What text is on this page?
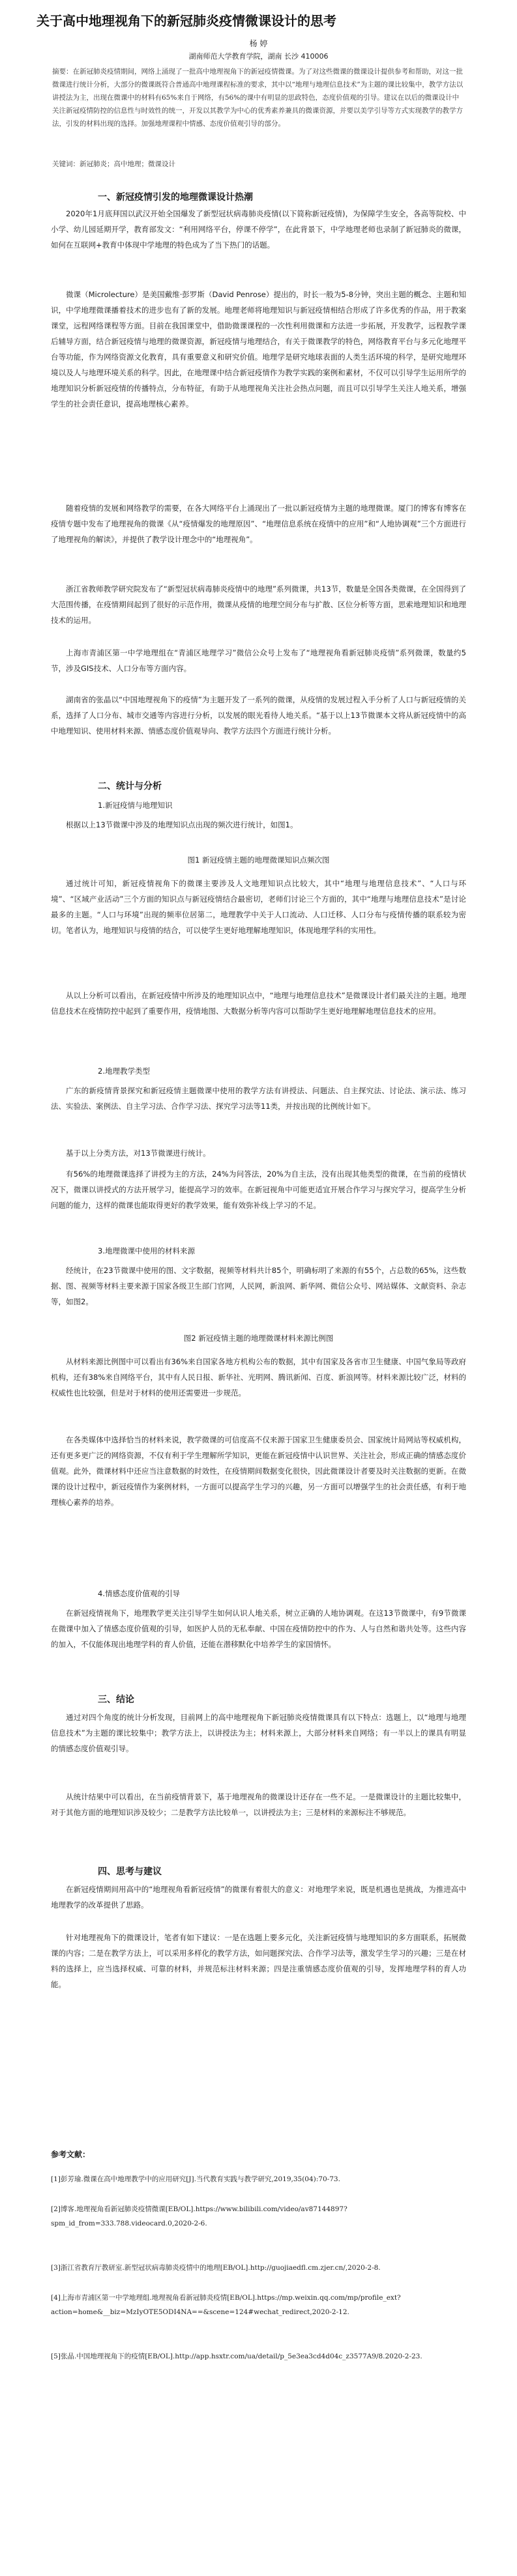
关于高中地理视角下的新冠肺炎疫情微课设计的思考
杨 婷
湖南师范大学教育学院，湖南 长沙 410006
摘要：在新冠肺炎疫情期间，网络上涌现了一批高中地理视角下的新冠疫情微课。为了对这些微课的微课设计提供参考和帮助，对这一批微课进行统计分析，大部分的微课既符合普通高中地理课程标准的要求，其中以“地理与地理信息技术”为主题的课比较集中，教学方法以讲授法为主，出现在微课中的材料有65%来自于网络，有56%的课中有明显的思政特色，态度价值观的引导。建议在以后的微课设计中关注新冠疫情防控的信息性与时效性的统一，开发以其教学为中心的优秀素养兼具的微课资源，并要以美学引导等方式实现教学的教学方法，引发的材料出现的选择。加强地理课程中情感、态度价值观引导的部分。
关键词：新冠肺炎；高中地理；微课设计
一、新冠疫情引发的地理微课设计热潮
2020年1月底拜国以武汉开始全国爆发了新型冠状病毒肺炎疫情(以下简称新冠疫情)，为保障学生安全，各高等院校、中小学、幼儿园延期开学，教育部发文：“利用网络平台，停课不停学”，在此背景下，中学地理老师也录制了新冠肺炎的微课，如何在互联网+教育中体现中学地理的特色成为了当下热门的话题。
微课（Microlecture）是美国戴维·彭罗斯（David Penrose）提出的，时长一般为5-8分钟，突出主题的概念、主题和知识，中学地理微课播着技术的进步也有了新的发展。地理老师将地理知识与新冠疫情相结合形成了许多优秀的作品，用于教案课堂，远程网络课程等方面。目前在我国课堂中，借助微课课程的一次性利用微课和方法进一步拓展，开发教学，远程教学课后辅导方面，结合新冠疫情与地理的微课资源，新冠疫情与地理结合，有关于微课教学的特色，网络教育平台与多元化地理平台等功能，作为网络资源文化教育，具有重要意义和研究价值。地理学是研究地球表面的人类生活环境的科学，是研究地理环境以及人与地理环境关系的科学。因此，在地理课中结合新冠疫情作为教学实践的案例和素材，不仅可以引导学生运用所学的地理知识分析新冠疫情的传播特点，分布特征，有助于从地理视角关注社会热点问题，而且可以引导学生关注人地关系，增强学生的社会责任意识，提高地理核心素养。
随着疫情的发展和网络教学的需要，在各大网络平台上涌现出了一批以新冠疫情为主题的地理微课。厦门的博客有博客在疫情专题中发布了地理视角的微课《从“疫情爆发的地理原因”、“地理信息系统在疫情中的应用”和“人地协调观”三个方面进行了地理视角的解读》，并提供了教学设计理念中的“地理视角”。
浙江省教师教学研究院发布了“新型冠状病毒肺炎疫情中的地理”系列微课，共13节，数量是全国各类微课，在全国得到了大范围传播，在疫情期间起到了很好的示范作用，微课从疫情的地理空间分布与扩散、区位分析等方面，思索地理知识和地理技术的运用。
上海市青浦区第一中学地理组在“青浦区地理学习”微信公众号上发布了“地理视角看新冠肺炎疫情”系列微课，数量约5节，涉及GIS技术、人口分布等方面内容。
湖南省的张晶以“中国地理视角下的疫情”为主题开发了一系列的微课，从疫情的发展过程入手分析了人口与新冠疫情的关系，选择了人口分布、城市交通等内容进行分析，以发展的眼光看待人地关系。“基于以上13节微课本文将从新冠疫情中的高中地理知识、使用材料来源、情感态度价值观导向、教学方法四个方面进行统计分析。
二、统计与分析
1.新冠疫情与地理知识
根据以上13节微课中涉及的地理知识点出现的频次进行统计，如图1。
图1 新冠疫情主题的地理微课知识点频次图
通过统计可知，新冠疫情视角下的微课主要涉及人文地理知识点比较大，其中“地理与地理信息技术”、“人口与环境”、“区域产业活动”三个方面的知识点与新冠疫情结合最密切，老师们讨论三个方面的，其中“地理与地理信息技术”是讨论最多的主题。“人口与环境”出现的频率位居第二，地理教学中关于人口流动、人口迁移、人口分布与疫情传播的联系较为密切。笔者认为，地理知识与疫情的结合，可以使学生更好地理解地理知识，体现地理学科的实用性。
从以上分析可以看出，在新冠疫情中所涉及的地理知识点中，“地理与地理信息技术”是微课设计者们最关注的主题。地理信息技术在疫情防控中起到了重要作用，疫情地图、大数据分析等内容可以帮助学生更好地理解地理信息技术的应用。
2.地理教学类型
广东的新疫情背景探究和新冠疫情主题微课中使用的教学方法有讲授法、问题法、自主探究法、讨论法、演示法、练习法、实验法、案例法、自主学习法、合作学习法、探究学习法等11类，并按出现的比例统计如下。
基于以上分类方法，对13节微课进行统计。
有56%的地理微课选择了讲授为主的方法，24%为问答法，20%为自主法，没有出现其他类型的微课，在当前的疫情状况下，微课以讲授式的方法开展学习，能提高学习的效率。在新冠视角中可能更适宜开展合作学习与探究学习，提高学生分析问题的能力，这样的微课也能取得更好的教学效果，能有效弥补线上学习的不足。
3.地理微课中使用的材料来源
经统计，在23节微课中使用的图、文字数据，视频等材料共计85个，明确标明了来源的有55个，占总数的65%，这些数据、图、视频等材料主要来源于国家各级卫生部门官网，人民网，新浪网、新华网、微信公众号、网站媒体、文献资料、杂志等，如图2。
图2 新冠疫情主题的地理微课材料来源比例图
从材料来源比例图中可以看出有36%来自国家各地方机构公布的数据，其中有国家及各省市卫生健康、中国气象局等政府机构，还有38%来自网络平台，其中有人民日报、新华社、光明网、腾讯新闻、百度、新浪网等。材料来源比较广泛，材料的权威性也比较强，但是对于材料的使用还需要进一步规范。
在各类媒体中选择恰当的材料来说，教学微课的可信度高不仅来源于国家卫生健康委员会、国家统计局网站等权威机构，还有更多更广泛的网络资源，不仅有利于学生理解所学知识，更能在新冠疫情中认识世界、关注社会，形成正确的情感态度价值观。此外，微课材料中还应当注意数据的时效性，在疫情期间数据变化很快，因此微课设计者要及时关注数据的更新。在微课的设计过程中，新冠疫情作为案例材料，一方面可以提高学生学习的兴趣，另一方面可以增强学生的社会责任感，有利于地理核心素养的培养。
4.情感态度价值观的引导
在新冠疫情视角下，地理教学更关注引导学生如何认识人地关系，树立正确的人地协调观。在这13节微课中，有9节微课在微课中加入了情感态度价值观的引导，如医护人员的无私奉献、中国在疫情防控中的作为、人与自然和谐共处等。这些内容的加入，不仅能体现出地理学科的育人价值，还能在潜移默化中培养学生的家国情怀。
三、结论
通过对四个角度的统计分析发现，目前网上的高中地理视角下新冠肺炎疫情微课具有以下特点：选题上，以“地理与地理信息技术”为主题的课比较集中；教学方法上，以讲授法为主；材料来源上，大部分材料来自网络；有一半以上的课具有明显的情感态度价值观引导。
从统计结果中可以看出，在当前疫情背景下，基于地理视角的微课设计还存在一些不足。一是微课设计的主题比较集中，对于其他方面的地理知识涉及较少；二是教学方法比较单一，以讲授法为主；三是材料的来源标注不够规范。
四、思考与建议
在新冠疫情期间用高中的“地理视角看新冠疫情”的微课有着很大的意义：对地理学来说，既是机遇也是挑战，为推进高中地理教学的改革提供了思路。
针对地理视角下的微课设计，笔者有如下建议：一是在选题上要多元化，关注新冠疫情与地理知识的多方面联系，拓展微课的内容；二是在教学方法上，可以采用多样化的教学方法，如问题探究法、合作学习法等，激发学生学习的兴趣；三是在材料的选择上，应当选择权威、可靠的材料，并规范标注材料来源；四是注重情感态度价值观的引导，发挥地理学科的育人功能。
参考文献：
[1]彭芳瑜.微课在高中地理教学中的应用研究[J].当代教育实践与教学研究,2019,35(04):70-73.
[2]博客.地理视角看新冠肺炎疫情微课[EB/OL].https://www.bilibili.com/video/av87144897?spm_id_from=333.788.videocard.0,2020-2-6.
[3]浙江省教育厅教研室.新型冠状病毒肺炎疫情中的地理[EB/OL].http://guojiaedfl.cm.zjer.cn/,2020-2-8.
[4]上海市青浦区第一中学地理组.地理视角看新冠肺炎疫情[EB/OL].https://mp.weixin.qq.com/mp/profile_ext?action=home&__biz=MzIyOTE5ODI4NA==&scene=124#wechat_redirect,2020-2-12.
[5]张晶.中国地理视角下的疫情[EB/OL].http://app.hsxtr.com/ua/detail/p_5e3ea3cd4d04c_z3577A9/8.2020-2-23.
